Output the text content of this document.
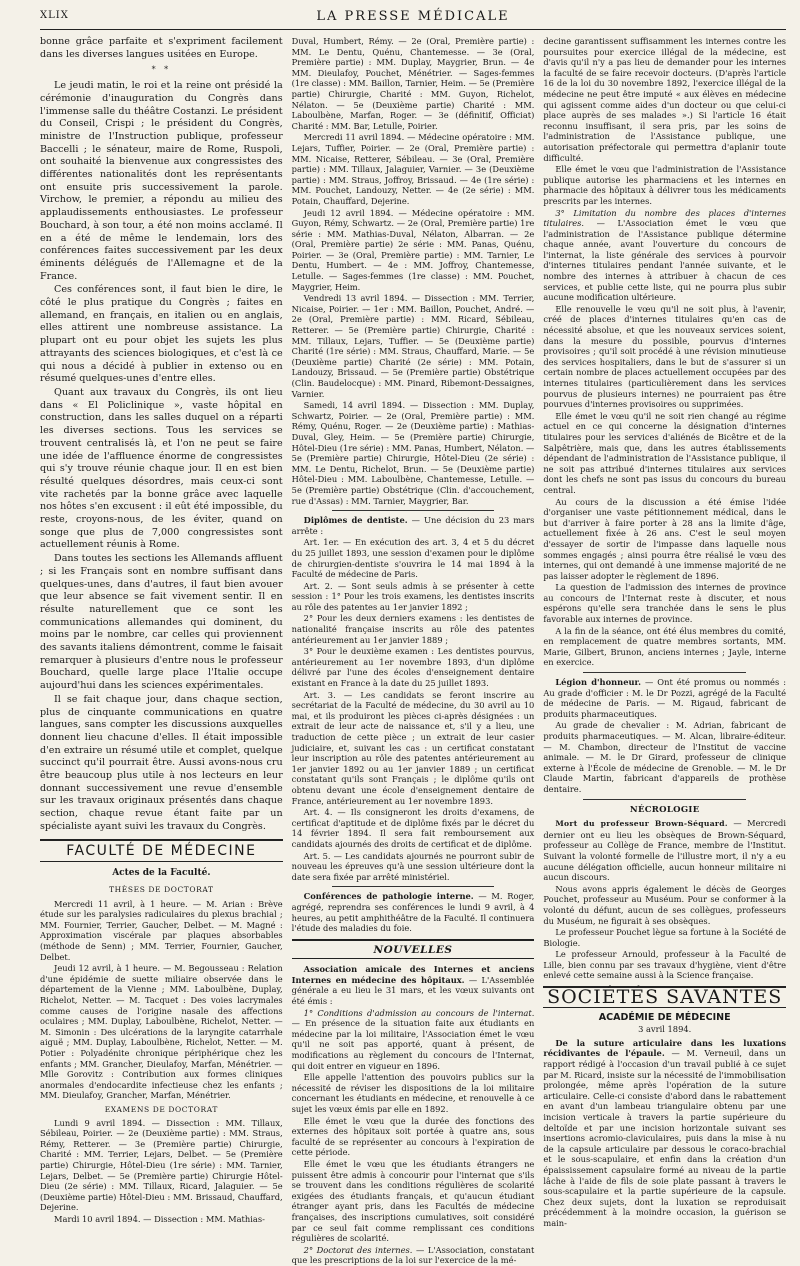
XLIX	LA PRESSE MÉDICALE

bonne grâce parfaite et s'expriment facilement dans les diverses langues usitées en Europe.

* *

Le jeudi matin, le roi et la reine ont présidé la cérémonie d'inauguration du Congrès dans l'immense salle du théâtre Costanzi. Le président du Conseil, Crispi ; le président du Congrès, ministre de l'Instruction publique, professeur Baccelli ; le sénateur, maire de Rome, Ruspoli, ont souhaité la bienvenue aux congressistes des différentes nationalités dont les représentants ont ensuite pris successivement la parole. Virchow, le premier, a répondu au milieu des applaudissements enthousiastes. Le professeur Bouchard, à son tour, a été non moins acclamé. Il en a été de même le lendemain, lors des conférences faites successivement par les deux éminents délégués de l'Allemagne et de la France.

Ces conférences sont, il faut bien le dire, le côté le plus pratique du Congrès ; faites en allemand, en français, en italien ou en anglais, elles attirent une nombreuse assistance. La plupart ont eu pour objet les sujets les plus attrayants des sciences biologiques, et c'est là ce qui nous a décidé à publier in extenso ou en résumé quelques-unes d'entre elles.

Quant aux travaux du Congrès, ils ont lieu dans « El Policlinique », vaste hôpital en construction, dans les salles duquel on a réparti les diverses sections. Tous les services se trouvent centralisés là, et l'on ne peut se faire une idée de l'affluence énorme de congressistes qui s'y trouve réunie chaque jour. Il en est bien résulté quelques désordres, mais ceux-ci sont vite rachetés par la bonne grâce avec laquelle nos hôtes s'en excusent : il eût été impossible, du reste, croyons-nous, de les éviter, quand on songe que plus de 7,000 congressistes sont actuellement réunis à Rome.

Dans toutes les sections les Allemands affluent ; si les Français sont en nombre suffisant dans quelques-unes, dans d'autres, il faut bien avouer que leur absence se fait vivement sentir. Il en résulte naturellement que ce sont les communications allemandes qui dominent, du moins par le nombre, car celles qui proviennent des savants italiens démontrent, comme le faisait remarquer à plusieurs d'entre nous le professeur Bouchard, quelle large place l'Italie occupe aujourd'hui dans les sciences expérimentales.

Il se fait chaque jour, dans chaque section, plus de cinquante communications en quatre langues, sans compter les discussions auxquelles donnent lieu chacune d'elles. Il était impossible d'en extraire un résumé utile et complet, quelque succinct qu'il pourrait être. Aussi avons-nous cru être beaucoup plus utile à nos lecteurs en leur donnant successivement une revue d'ensemble sur les travaux originaux présentés dans chaque section, chaque revue étant faite par un spécialiste ayant suivi les travaux du Congrès.

FACULTÉ DE MÉDECINE
Actes de la Faculté.
THÈSES DE DOCTORAT

Mercredi 11 avril, à 1 heure. — M. Arian : Brève étude sur les paralysies radiculaires du plexus brachial ; MM. Fournier, Terrier, Gaucher, Delbet. — M. Magné : Approximation viscérale par plaques absorbables (méthode de Senn) ; MM. Terrier, Fournier, Gaucher, Delbet.

Jeudi 12 avril, à 1 heure. — M. Begousseau : Relation d'une épidémie de suette miliaire observée dans le département de la Vienne ; MM. Laboulbène, Duplay, Richelot, Netter. — M. Tacquet : Des voies lacrymales comme causes de l'origine nasale des affections oculaires ; MM. Duplay, Laboulbène, Richelot, Netter. — M. Simonin : Des ulcérations de la laryngite catarrhale aiguë ; MM. Duplay, Laboulbène, Richelot, Netter. — M. Potier : Polyadénite chronique périphérique chez les enfants ; MM. Grancher, Dieulafoy, Marfan, Ménétrier. — Mlle Gorovitz : Contribution aux formes cliniques anormales d'endocardite infectieuse chez les enfants ; MM. Dieulafoy, Grancher, Marfan, Ménétrier.

EXAMENS DE DOCTORAT

Lundi 9 avril 1894. — Dissection : MM. Tillaux, Sébileau, Poirier. — 2e (Deuxième partie) : MM. Straus, Rémy, Retterer. — 3e (Première partie) Chirurgie, Charité : MM. Terrier, Lejars, Delbet. — 5e (Première partie) Chirurgie, Hôtel-Dieu (1re série) : MM. Tarnier, Lejars, Delbet. — 5e (Première partie) Chirurgie Hôtel-Dieu (2e série) : MM. Tillaux, Ricard, Jalaguier. — 5e (Deuxième partie) Hôtel-Dieu : MM. Brissaud, Chauffard, Dejerine.

Mardi 10 avril 1894. — Dissection : MM. Mathias-

Duval, Humbert, Rémy. — 2e (Oral, Première partie) : MM. Le Dentu, Quénu, Chantemesse. — 3e (Oral, Première partie) : MM. Duplay, Maygrier, Brun. — 4e MM. Dieulafoy, Pouchet, Ménétrier. — Sages-femmes (1re classe) : MM. Baillon, Tarnier, Heim. — 5e (Première partie) Chirurgie, Charité : MM. Guyon, Richelot, Nélaton. — 5e (Deuxième partie) Charité : MM. Laboulbène, Marfan, Roger. — 3e (définitif, Officiat) Charité : MM. Bar, Letulle, Poirier.

Mercredi 11 avril 1894. — Médecine opératoire : MM. Lejars, Tuffier, Poirier. — 2e (Oral, Première partie) : MM. Nicaise, Retterer, Sébileau. — 3e (Oral, Première partie) : MM. Tillaux, Jalaguier, Varnier. — 3e (Deuxième partie) : MM. Straus, Joffroy, Brissaud. — 4e (1re série) : MM. Pouchet, Landouzy, Netter. — 4e (2e série) : MM. Potain, Chauffard, Dejerine.

Jeudi 12 avril 1894. — Médecine opératoire : MM. Guyon, Rémy, Schwartz. — 2e (Oral, Première partie) 1re série : MM. Mathias-Duval, Nélaton, Albarran. — 2e (Oral, Première partie) 2e série : MM. Panas, Quénu, Poirier. — 3e (Oral, Première partie) : MM. Tarnier, Le Dentu, Humbert. — 4e : MM. Joffroy, Chantemesse, Letulle. — Sages-femmes (1re classe) : MM. Pouchet, Maygrier, Heim.

Vendredi 13 avril 1894. — Dissection : MM. Terrier, Nicaise, Poirier. — 1er : MM. Baillon, Pouchet, André. — 2e (Oral, Première partie) : MM. Ricard, Sébileau, Retterer. — 5e (Première partie) Chirurgie, Charité : MM. Tillaux, Lejars, Tuffier. — 5e (Deuxième partie) Charité (1re série) : MM. Straus, Chauffard, Marie. — 5e (Deuxième partie) Charité (2e série) : MM. Potain, Landouzy, Brissaud. — 5e (Première partie) Obstétrique (Clin. Baudelocque) : MM. Pinard, Ribemont-Dessaignes, Varnier.

Samedi, 14 avril 1894. — Dissection : MM. Duplay, Schwartz, Poirier. — 2e (Oral, Première partie) : MM. Rémy, Quénu, Roger. — 2e (Deuxième partie) : Mathias-Duval, Gley, Heim. — 5e (Première partie) Chirurgie, Hôtel-Dieu (1re série) : MM. Panas, Humbert, Nélaton. — 5e (Première partie) Chirurgie, Hôtel-Dieu (2e série) : MM. Le Dentu, Richelot, Brun. — 5e (Deuxième partie) Hôtel-Dieu : MM. Laboulbène, Chantemesse, Letulle. — 5e (Première partie) Obstétrique (Clin. d'accouchement, rue d'Assas) : MM. Tarnier, Maygrier, Bar.

Diplômes de dentiste. — Une décision du 23 mars arrête :

Art. 1er. — En exécution des art. 3, 4 et 5 du décret du 25 juillet 1893, une session d'examen pour le diplôme de chirurgien-dentiste s'ouvrira le 14 mai 1894 à la Faculté de médecine de Paris.

Art. 2. — Sont seuls admis à se présenter à cette session : 1° Pour les trois examens, les dentistes inscrits au rôle des patentes au 1er janvier 1892 ;

2° Pour les deux derniers examens : les dentistes de nationalité française inscrits au rôle des patentes antérieurement au 1er janvier 1889 ;

3° Pour le deuxième examen : Les dentistes pourvus, antérieurement au 1er novembre 1893, d'un diplôme délivré par l'une des écoles d'enseignement dentaire existant en France à la date du 25 juillet 1893.

Art. 3. — Les candidats se feront inscrire au secrétariat de la Faculté de médecine, du 30 avril au 10 mai, et ils produiront les pièces ci-après désignées : un extrait de leur acte de naissance et, s'il y a lieu, une traduction de cette pièce ; un extrait de leur casier judiciaire, et, suivant les cas : un certificat constatant leur inscription au rôle des patentes antérieurement au 1er janvier 1892 ou au 1er janvier 1889 ; un certificat constatant qu'ils sont Français ; le diplôme qu'ils ont obtenu devant une école d'enseignement dentaire de France, antérieurement au 1er novembre 1893.

Art. 4. — Ils consigneront les droits d'examens, de certificat d'aptitude et de diplôme fixés par le décret du 14 février 1894. Il sera fait remboursement aux candidats ajournés des droits de certificat et de diplôme.

Art. 5. — Les candidats ajournés ne pourront subir de nouveau les épreuves qu'à une session ultérieure dont la date sera fixée par arrêté ministériel.

Conférences de pathologie interne. — M. Roger, agrégé, reprendra ses conférences le lundi 9 avril, à 4 heures, au petit amphithéâtre de la Faculté. Il continuera l'étude des maladies du foie.

NOUVELLES

Association amicale des Internes et anciens Internes en médecine des hôpitaux. — L'Assemblée générale a eu lieu le 31 mars, et les vœux suivants ont été émis :

1° Conditions d'admission au concours de l'internat. — En présence de la situation faite aux étudiants en médecine par la loi militaire, l'Association émet le vœu qu'il ne soit pas apporté, quant à présent, de modifications au règlement du concours de l'Internat, qui doit entrer en vigueur en 1896.

Elle appelle l'attention des pouvoirs publics sur la nécessité de réviser les dispositions de la loi militaire concernant les étudiants en médecine, et renouvelle à ce sujet les vœux émis par elle en 1892.

Elle émet le vœu que la durée des fonctions des externes des hôpitaux soit portée à quatre ans, sous faculté de se représenter au concours à l'expiration de cette période.

Elle émet le vœu que les étudiants étrangers ne puissent être admis à concourir pour l'internat que s'ils se trouvent dans les conditions régulières de scolarité exigées des étudiants français, et qu'aucun étudiant étranger ayant pris, dans les Facultés de médecine françaises, des inscriptions cumulatives, soit considéré par ce seul fait comme remplissant ces conditions régulières de scolarité.

2° Doctorat des internes. — L'Association, constatant que les prescriptions de la loi sur l'exercice de la mé-

decine garantissent suffisamment les internes contre les poursuites pour exercice illégal de la médecine, est d'avis qu'il n'y a pas lieu de demander pour les internes la faculté de se faire recevoir docteurs. (D'après l'article 16 de la loi du 30 novembre 1892, l'exercice illégal de la médecine ne peut être imputé « aux élèves en médecine qui agissent comme aides d'un docteur ou que celui-ci place auprès de ses malades ».) Si l'article 16 était reconnu insuffisant, il sera pris, par les soins de l'administration de l'Assistance publique, une autorisation préfectorale qui permettra d'aplanir toute difficulté.

Elle émet le vœu que l'administration de l'Assistance publique autorise les pharmaciens et les internes en pharmacie des hôpitaux à délivrer tous les médicaments prescrits par les internes.

3° Limitation du nombre des places d'internes titulaires. — L'Association émet le vœu que l'administration de l'Assistance publique détermine chaque année, avant l'ouverture du concours de l'internat, la liste générale des services à pourvoir d'internes titulaires pendant l'année suivante, et le nombre des internes à attribuer à chacun de ces services, et publie cette liste, qui ne pourra plus subir aucune modification ultérieure.

Elle renouvelle le vœu qu'il ne soit plus, à l'avenir, créé de places d'internes titulaires qu'en cas de nécessité absolue, et que les nouveaux services soient, dans la mesure du possible, pourvus d'internes provisoires ; qu'il soit procédé à une révision minutieuse des services hospitaliers, dans le but de s'assurer si un certain nombre de places actuellement occupées par des internes titulaires (particulièrement dans les services pourvus de plusieurs internes) ne pourraient pas être pourvues d'internes provisoires ou supprimées.

Elle émet le vœu qu'il ne soit rien changé au régime actuel en ce qui concerne la désignation d'internes titulaires pour les services d'aliénés de Bicêtre et de la Salpêtrière, mais que, dans les autres établissements dépendant de l'administration de l'Assistance publique, il ne soit pas attribué d'internes titulaires aux services dont les chefs ne sont pas issus du concours du bureau central.

Au cours de la discussion a été émise l'idée d'organiser une vaste pétitionnement médical, dans le but d'arriver à faire porter à 28 ans la limite d'âge, actuellement fixée à 26 ans. C'est le seul moyen d'essayer de sortir de l'impasse dans laquelle nous sommes engagés ; ainsi pourra être réalisé le vœu des internes, qui ont demandé à une immense majorité de ne pas laisser adopter le règlement de 1896.

La question de l'admission des internes de province au concours de l'Internat reste à discuter, et nous espérons qu'elle sera tranchée dans le sens le plus favorable aux internes de province.

A la fin de la séance, ont été élus membres du comité, en remplacement de quatre membres sortants, MM. Marie, Gilbert, Brunon, anciens internes ; Jayle, interne en exercice.

Légion d'honneur. — Ont été promus ou nommés : Au grade d'officier : M. le Dr Pozzi, agrégé de la Faculté de médecine de Paris. — M. Rigaud, fabricant de produits pharmaceutiques.

Au grade de chevalier : M. Adrian, fabricant de produits pharmaceutiques. — M. Alcan, libraire-éditeur. — M. Chambon, directeur de l'Institut de vaccine animale. — M. le Dr Girard, professeur de clinique externe à l'École de médecine de Grenoble. — M. le Dr Claude Martin, fabricant d'appareils de prothèse dentaire.

NÉCROLOGIE

Mort du professeur Brown-Séquard. — Mercredi dernier ont eu lieu les obsèques de Brown-Séquard, professeur au Collège de France, membre de l'Institut. Suivant la volonté formelle de l'illustre mort, il n'y a eu aucune délégation officielle, aucun honneur militaire ni aucun discours.

Nous avons appris également le décès de Georges Pouchet, professeur au Muséum. Pour se conformer à la volonté du défunt, aucun de ses collègues, professeurs du Muséum, ne figurait à ses obsèques.

Le professeur Pouchet lègue sa fortune à la Société de Biologie.

Le professeur Arnould, professeur à la Faculté de Lille, bien connu par ses travaux d'hygiène, vient d'être enlevé cette semaine aussi à la Science française.

SOCIÉTÉS SAVANTES
ACADÉMIE DE MÉDECINE
3 avril 1894.

De la suture articulaire dans les luxations récidivantes de l'épaule. — M. Verneuil, dans un rapport rédigé à l'occasion d'un travail publié à ce sujet par M. Ricard, insiste sur la nécessité de l'immobilisation prolongée, même après l'opération de la suture articulaire. Celle-ci consiste d'abord dans le rabattement en avant d'un lambeau triangulaire obtenu par une incision verticale à travers la partie supérieure du deltoïde et par une incision horizontale suivant ses insertions acromio-claviculaires, puis dans la mise à nu de la capsule articulaire par dessous le coraco-brachial et le sous-scapulaire, et enfin dans la création d'un épaississement capsulaire formé au niveau de la partie lâche à l'aide de fils de soie plate passant à travers le sous-scapulaire et la partie supérieure de la capsule. Chez deux sujets, dont la luxation se reproduisait précédemment à la moindre occasion, la guérison se main-
